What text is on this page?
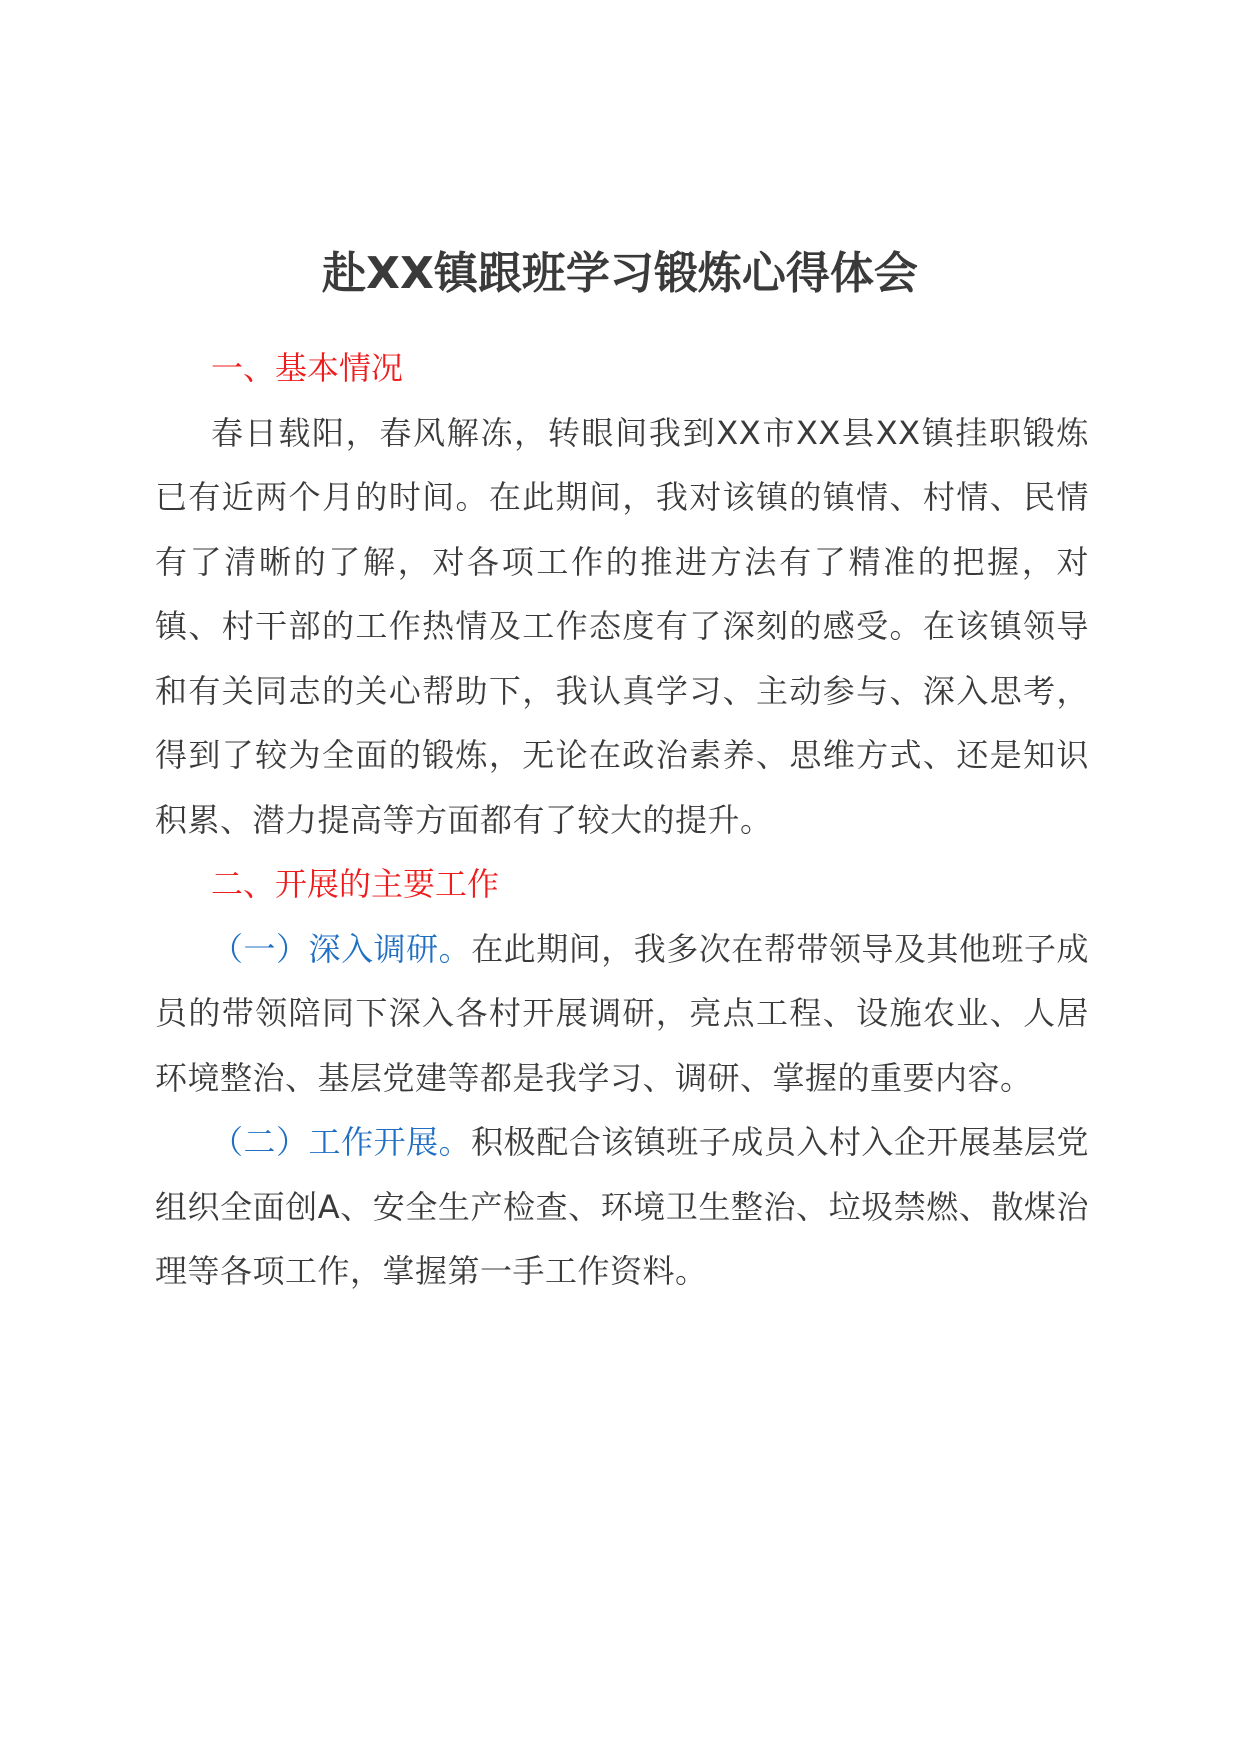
赴XX镇跟班学习锻炼心得体会

一、基本情况

春日载阳，春风解冻，转眼间我到XX市XX县XX镇挂职锻炼已有近两个月的时间。在此期间，我对该镇的镇情、村情、民情有了清晰的了解，对各项工作的推进方法有了精准的把握，对镇、村干部的工作热情及工作态度有了深刻的感受。在该镇领导和有关同志的关心帮助下，我认真学习、主动参与、深入思考，得到了较为全面的锻炼，无论在政治素养、思维方式、还是知识积累、潜力提高等方面都有了较大的提升。

二、开展的主要工作

（一）深入调研。在此期间，我多次在帮带领导及其他班子成员的带领陪同下深入各村开展调研，亮点工程、设施农业、人居环境整治、基层党建等都是我学习、调研、掌握的重要内容。

（二）工作开展。积极配合该镇班子成员入村入企开展基层党组织全面创A、安全生产检查、环境卫生整治、垃圾禁燃、散煤治理等各项工作，掌握第一手工作资料。
